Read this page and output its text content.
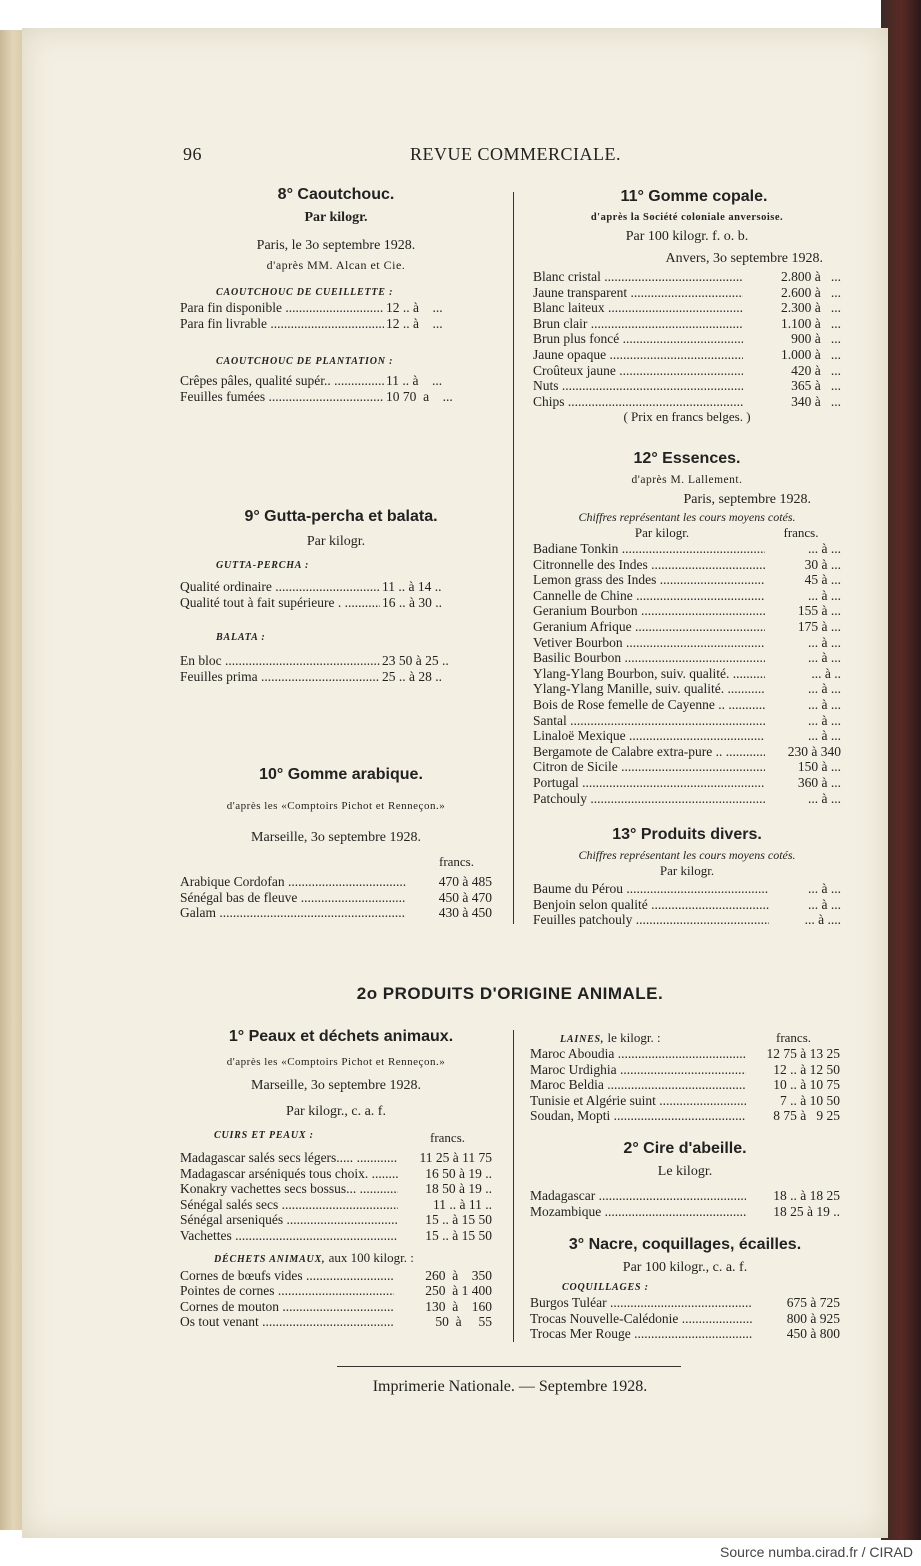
96	REVUE COMMERCIALE.
8° Caoutchouc.
Par kilogr.
Paris, le 3o septembre 1928.
d'après MM. Alcan et Cie.
CAOUTCHOUC DE CUEILLETTE :
Para fin disponible .....	12 .. à    ...
Para fin livrable .....	12 .. à    ...
CAOUTCHOUC DE PLANTATION :
Crêpes pâles, qualité supér.. .....	11 .. à    ...
Feuilles fumées .....	10 70  a    ...
9° Gutta-percha et balata.
Par kilogr.
GUTTA-PERCHA :
Qualité ordinaire .....	11 .. à 14 ..
Qualité tout à fait supérieure . .....	16 .. à 30 ..
BALATA :
En bloc .....	23 50 à 25 ..
Feuilles prima .....	25 .. à 28 ..
10° Gomme arabique.
d'après les «Comptoirs Pichot et Renneçon.»
Marseille, 3o septembre 1928.
francs.
Arabique Cordofan .....	470 à 485
Sénégal bas de fleuve .....	450 à 470
Galam .....	430 à 450
11° Gomme copale.
d'après la Société coloniale anversoise.
Par 100 kilogr. f. o. b.
Anvers, 3o septembre 1928.
Blanc cristal .....	2.800 à   ...
Jaune transparent .....	2.600 à   ...
Blanc laiteux .....	2.300 à   ...
Brun clair .....	1.100 à   ...
Brun plus foncé .....	900 à   ...
Jaune opaque .....	1.000 à   ...
Croûteux jaune .....	420 à   ...
Nuts .....	365 à   ...
Chips .....	340 à   ...
( Prix en francs belges. )
12° Essences.
d'après M. Lallement.
Paris, septembre 1928.
Chiffres représentant les cours moyens cotés.
Par kilogr.	francs.
Badiane Tonkin .....	... à ...
Citronnelle des Indes .....	30 à ...
Lemon grass des Indes .....	45 à ...
Cannelle de Chine .....	... à ...
Geranium Bourbon .....	155 à ...
Geranium Afrique .....	175 à ...
Vetiver Bourbon .....	... à ...
Basilic Bourbon .....	... à ...
Ylang-Ylang Bourbon, suiv. qualité. .....	... à ..
Ylang-Ylang Manille, suiv. qualité. .....	... à ...
Bois de Rose femelle de Cayenne .. .....	... à ...
Santal .....	... à ...
Linaloë Mexique .....	... à ...
Bergamote de Calabre extra-pure .. .....	230 à 340
Citron de Sicile .....	150 à ...
Portugal .....	360 à ...
Patchouly .....	... à ...
13° Produits divers.
Chiffres représentant les cours moyens cotés.
Par kilogr.
Baume du Pérou .....	... à ...
Benjoin selon qualité .....	... à ...
Feuilles patchouly .....	... à ....
2o PRODUITS D'ORIGINE ANIMALE.
1° Peaux et déchets animaux.
d'après les «Comptoirs Pichot et Renneçon.»
Marseille, 3o septembre 1928.
Par kilogr., c. a. f.
CUIRS ET PEAUX :	francs.
Madagascar salés secs légers..... .....	11 25 à 11 75
Madagascar arséniqués tous choix. .....	16 50 à 19 ..
Konakry vachettes secs bossus... .....	18 50 à 19 ..
Sénégal salés secs .....	11 .. à 11 ..
Sénégal arseniqués .....	15 .. à 15 50
Vachettes .....	15 .. à 15 50
DÉCHETS ANIMAUX, aux 100 kilogr. :
Cornes de bœufs vides .....	260  à    350
Pointes de cornes .....	250  à 1 400
Cornes de mouton .....	130  à    160
Os tout venant .....	50  à     55
LAINES, le kilogr. :	francs.
Maroc Aboudia .....	12 75 à 13 25
Maroc Urdighia .....	12 .. à 12 50
Maroc Beldia .....	10 .. à 10 75
Tunisie et Algérie suint .....	7 .. à 10 50
Soudan, Mopti .....	8 75 à   9 25
2° Cire d'abeille.
Le kilogr.
Madagascar .....	18 .. à 18 25
Mozambique .....	18 25 à 19 ..
3° Nacre, coquillages, écailles.
Par 100 kilogr., c. a. f.
COQUILLAGES :
Burgos Tuléar .....	675 à 725
Trocas Nouvelle-Calédonie .....	800 à 925
Trocas Mer Rouge .....	450 à 800
Imprimerie Nationale. — Septembre 1928.
Source numba.cirad.fr / CIRAD
